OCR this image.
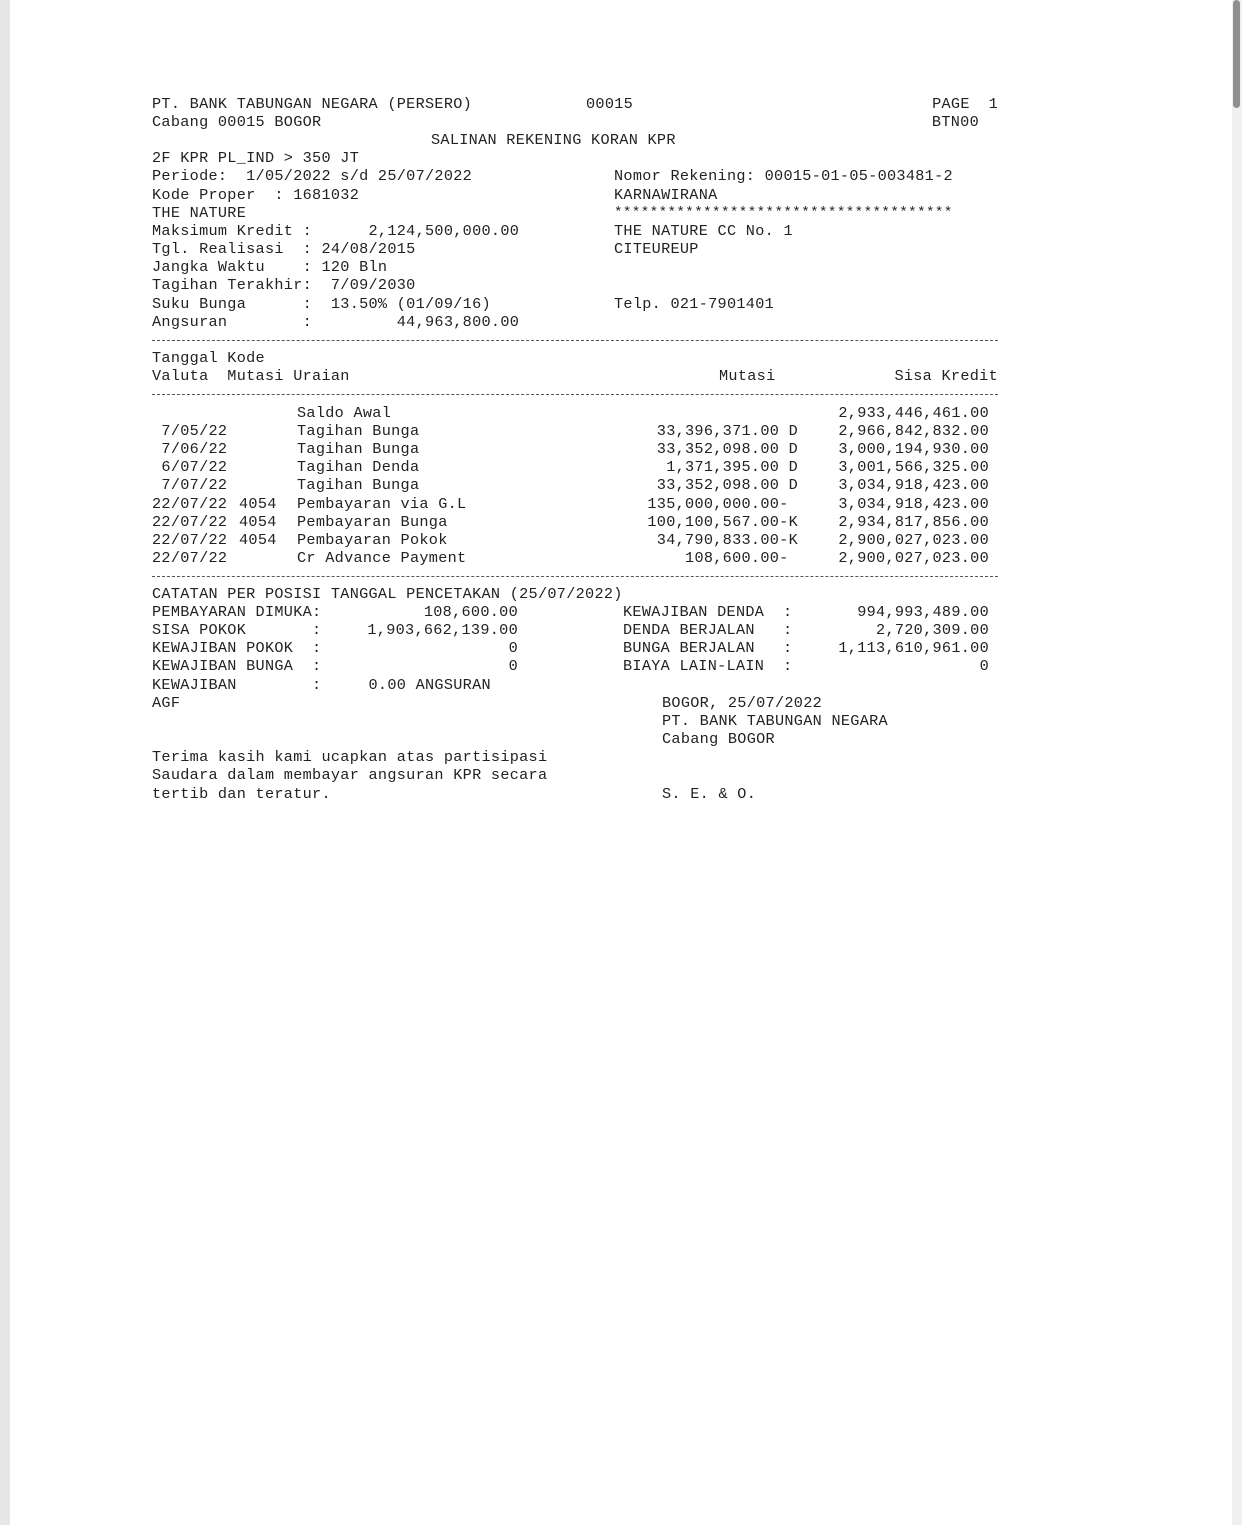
PT. BANK TABUNGAN NEGARA (PERSERO)
Cabang 00015 BOGOR
00015	PAGE  1
BTN00
SALINAN REKENING KORAN KPR
2F KPR PL_IND > 350 JT
Periode:  1/05/2022 s/d 25/07/2022
Kode Proper  : 1681032
THE NATURE
Maksimum Kredit :      2,124,500,000.00
Tgl. Realisasi  : 24/08/2015
Jangka Waktu    : 120 Bln
Tagihan Terakhir:  7/09/2030
Suku Bunga      :  13.50% (01/09/16)
Angsuran        :         44,963,800.00
Nomor Rekening: 00015-01-05-003481-2
KARNAWIRANA
**************************************
THE NATURE CC No. 1
CITEUREUP
Telp. 021-7901401
Tanggal Kode
Valuta  Mutasi Uraian	Mutasi	Sisa Kredit
Saldo Awal	2,933,446,461.00
7/05/22	Tagihan Bunga	33,396,371.00 D	2,966,842,832.00
7/06/22	Tagihan Bunga	33,352,098.00 D	3,000,194,930.00
6/07/22	Tagihan Denda	1,371,395.00 D	3,001,566,325.00
7/07/22	Tagihan Bunga	33,352,098.00 D	3,034,918,423.00
22/07/22 4054 Pembayaran via G.L	135,000,000.00-	3,034,918,423.00
22/07/22 4054 Pembayaran Bunga	100,100,567.00-K	2,934,817,856.00
22/07/22 4054 Pembayaran Pokok	34,790,833.00-K	2,900,027,023.00
22/07/22	Cr Advance Payment	108,600.00-	2,900,027,023.00
CATATAN PER POSISI TANGGAL PENCETAKAN (25/07/2022)
PEMBAYARAN DIMUKA:	108,600.00
SISA POKOK       :	1,903,662,139.00
KEWAJIBAN POKOK  :	0
KEWAJIBAN BUNGA  :	0
KEWAJIBAN DENDA  :	994,993,489.00
DENDA BERJALAN   :	2,720,309.00
BUNGA BERJALAN   :	1,113,610,961.00
BIAYA LAIN-LAIN  :	0
KEWAJIBAN        :     0.00 ANGSURAN
AGF	BOGOR, 25/07/2022
PT. BANK TABUNGAN NEGARA
Cabang BOGOR
Terima kasih kami ucapkan atas partisipasi
Saudara dalam membayar angsuran KPR secara
tertib dan teratur.	S. E. & O.
